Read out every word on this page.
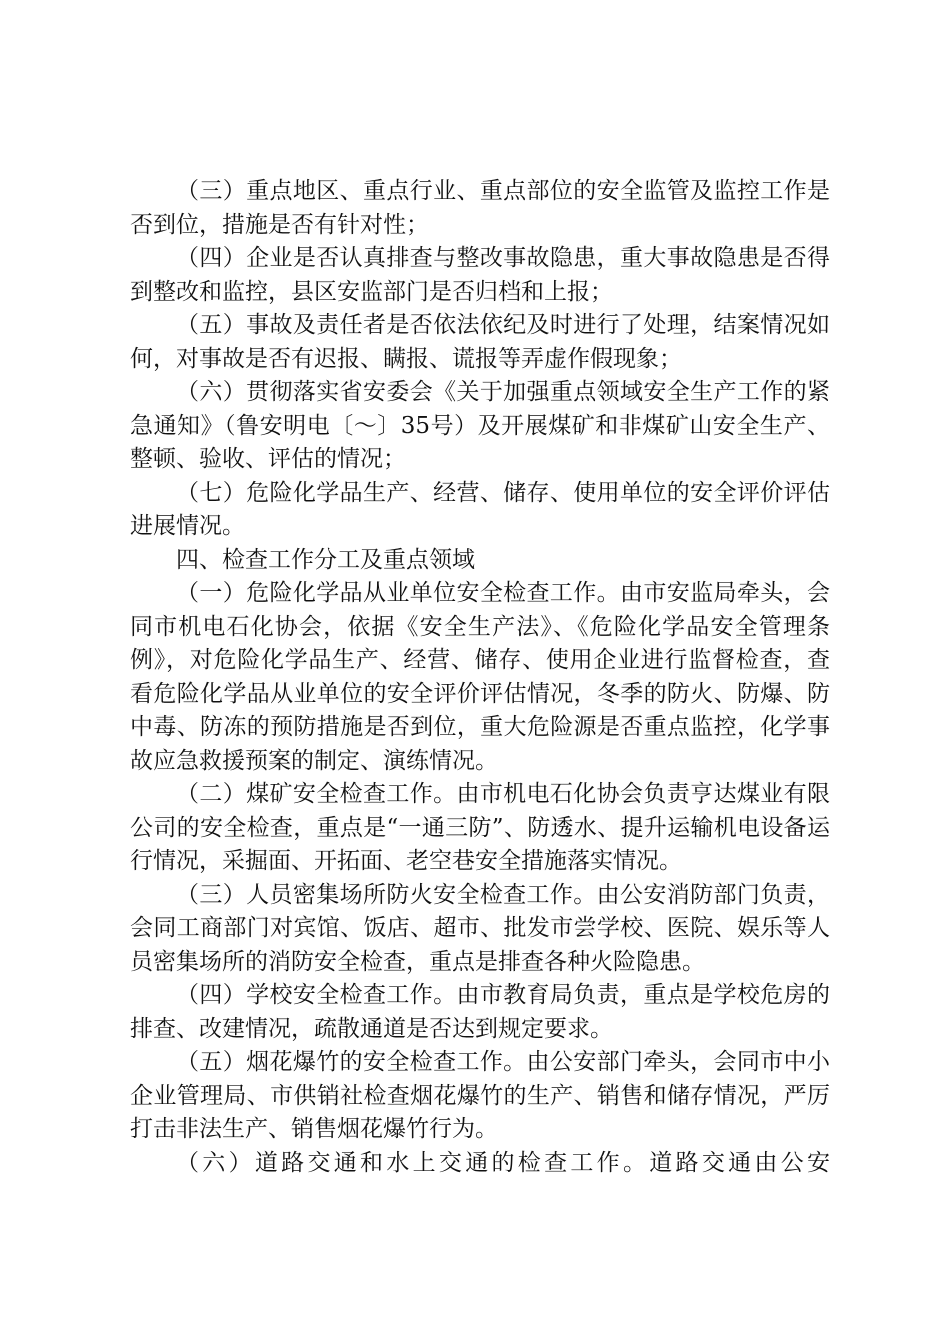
（三）重点地区、重点行业、重点部位的安全监管及监控工作是否到位，措施是否有针对性；

（四）企业是否认真排查与整改事故隐患，重大事故隐患是否得到整改和监控，县区安监部门是否归档和上报；

（五）事故及责任者是否依法依纪及时进行了处理，结案情况如何，对事故是否有迟报、瞒报、谎报等弄虚作假现象；

（六）贯彻落实省安委会《关于加强重点领域安全生产工作的紧急通知》（鲁安明电〔～〕35号）及开展煤矿和非煤矿山安全生产、整顿、验收、评估的情况；

（七）危险化学品生产、经营、储存、使用单位的安全评价评估进展情况。

四、检查工作分工及重点领域

（一）危险化学品从业单位安全检查工作。由市安监局牵头，会同市机电石化协会，依据《安全生产法》、《危险化学品安全管理条例》，对危险化学品生产、经营、储存、使用企业进行监督检查，查看危险化学品从业单位的安全评价评估情况，冬季的防火、防爆、防中毒、防冻的预防措施是否到位，重大危险源是否重点监控，化学事故应急救援预案的制定、演练情况。

（二）煤矿安全检查工作。由市机电石化协会负责亨达煤业有限公司的安全检查，重点是“一通三防”、防透水、提升运输机电设备运行情况，采掘面、开拓面、老空巷安全措施落实情况。

（三）人员密集场所防火安全检查工作。由公安消防部门负责，会同工商部门对宾馆、饭店、超市、批发市尝学校、医院、娱乐等人员密集场所的消防安全检查，重点是排查各种火险隐患。

（四）学校安全检查工作。由市教育局负责，重点是学校危房的排查、改建情况，疏散通道是否达到规定要求。

（五）烟花爆竹的安全检查工作。由公安部门牵头，会同市中小企业管理局、市供销社检查烟花爆竹的生产、销售和储存情况，严厉打击非法生产、销售烟花爆竹行为。

（六）道路交通和水上交通的检查工作。道路交通由公安
